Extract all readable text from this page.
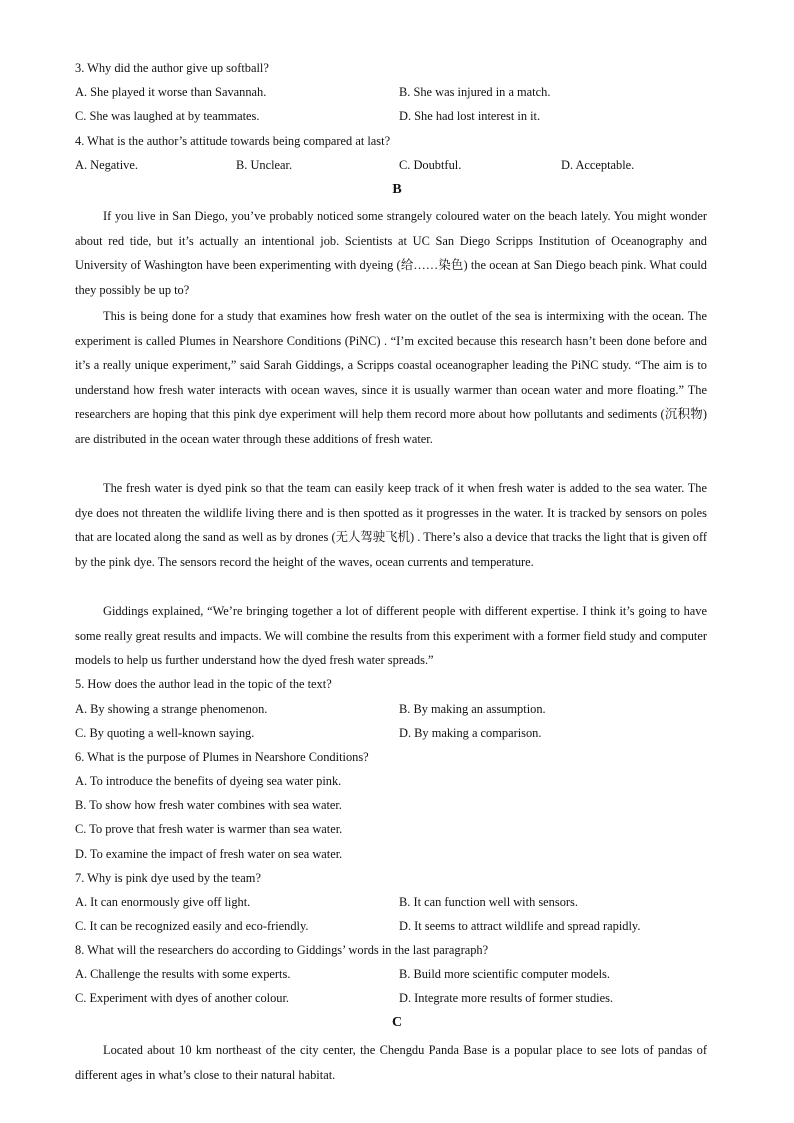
3. Why did the author give up softball?
A. She played it worse than Savannah.	B. She was injured in a match.
C. She was laughed at by teammates.	D. She had lost interest in it.
4. What is the author’s attitude towards being compared at last?
A. Negative.	B. Unclear.	C. Doubtful.	D. Acceptable.
B

If you live in San Diego, you’ve probably noticed some strangely coloured water on the beach lately. You might wonder about red tide, but it’s actually an intentional job. Scientists at UC San Diego Scripps Institution of Oceanography and University of Washington have been experimenting with dyeing (给……染色) the ocean at San Diego beach pink. What could they possibly be up to?

This is being done for a study that examines how fresh water on the outlet of the sea is intermixing with the ocean. The experiment is called Plumes in Nearshore Conditions (PiNC) . “I’m excited because this research hasn’t been done before and it’s a really unique experiment,” said Sarah Giddings, a Scripps coastal oceanographer leading the PiNC study. “The aim is to understand how fresh water interacts with ocean waves, since it is usually warmer than ocean water and more floating.” The researchers are hoping that this pink dye experiment will help them record more about how pollutants and sediments (沉积物) are distributed in the ocean water through these additions of fresh water.

The fresh water is dyed pink so that the team can easily keep track of it when fresh water is added to the sea water. The dye does not threaten the wildlife living there and is then spotted as it progresses in the water. It is tracked by sensors on poles that are located along the sand as well as by drones (无人驾驶飞机) . There’s also a device that tracks the light that is given off by the pink dye. The sensors record the height of the waves, ocean currents and temperature.

Giddings explained, “We’re bringing together a lot of different people with different expertise. I think it’s going to have some really great results and impacts. We will combine the results from this experiment with a former field study and computer models to help us further understand how the dyed fresh water spreads.”

5. How does the author lead in the topic of the text?
A. By showing a strange phenomenon.	B. By making an assumption.
C. By quoting a well-known saying.	D. By making a comparison.
6. What is the purpose of Plumes in Nearshore Conditions?
A. To introduce the benefits of dyeing sea water pink.
B. To show how fresh water combines with sea water.
C. To prove that fresh water is warmer than sea water.
D. To examine the impact of fresh water on sea water.
7. Why is pink dye used by the team?
A. It can enormously give off light.	B. It can function well with sensors.
C. It can be recognized easily and eco-friendly.	D. It seems to attract wildlife and spread rapidly.
8. What will the researchers do according to Giddings’ words in the last paragraph?
A. Challenge the results with some experts.	B. Build more scientific computer models.
C. Experiment with dyes of another colour.	D. Integrate more results of former studies.
C

Located about 10 km northeast of the city center, the Chengdu Panda Base is a popular place to see lots of pandas of different ages in what’s close to their natural habitat.
